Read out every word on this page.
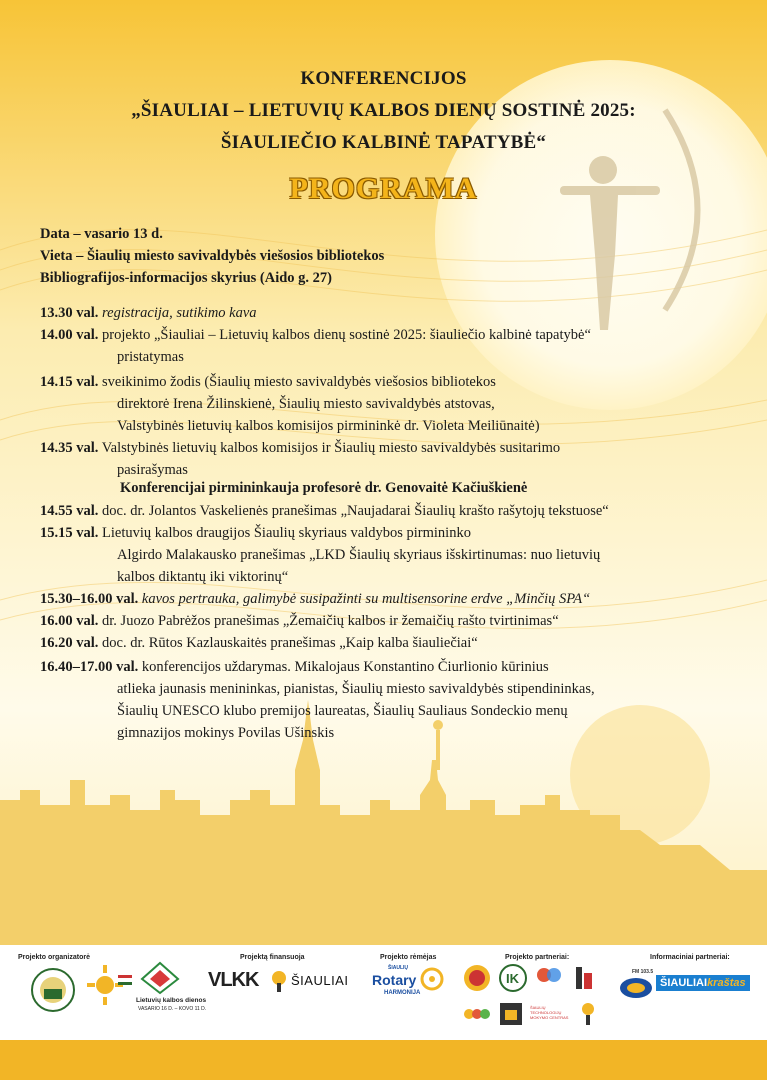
KONFERENCIJOS
„ŠIAULIAI – LIETUVIŲ KALBOS DIENŲ SOSTINĖ 2025:
ŠIAULIEČIO KALBINĖ TAPATYBĖ“
PROGRAMA
Data – vasario 13 d.
Vieta – Šiaulių miesto savivaldybės viešosios bibliotekos
Bibliografijos-informacijos skyrius (Aido g. 27)
13.30 val. registracija, sutikimo kava
14.00 val. projekto „Šiauliai – Lietuvių kalbos dienų sostinė 2025: šiauliečio kalbinė tapatybė“
pristatymas
14.15 val. sveikinimo žodis (Šiaulių miesto savivaldybės viešosios bibliotekos
direktorė Irena Žilinskienė, Šiaulių miesto savivaldybės atstovas,
Valstybinės lietuvių kalbos komisijos pirmininkė dr. Violeta Meiliūnaitė)
14.35 val. Valstybinės lietuvių kalbos komisijos ir Šiaulių miesto savivaldybės susitarimo
pasirašymas
14.55 val. doc. dr. Jolantos Vaskelienės pranešimas „Naujadarai Šiaulių krašto rašytojų tekstuose“
15.15 val. Lietuvių kalbos draugijos Šiaulių skyriaus valdybos pirmininko
Algirdo Malakausko pranešimas „LKD Šiaulių skyriaus išskirtinumas: nuo lietuvių
kalbos diktantų iki viktorinų“
15.30–16.00 val. kavos pertrauka, galimybė susipažinti su multisensorine erdve „Minčių SPA“
16.00 val. dr. Juozo Pabrėžos pranešimas „Žemaičių kalbos ir žemaičių rašto tvirtinimas“
16.20 val. doc. dr. Rūtos Kazlauskaitės pranešimas „Kaip kalba šiauliečiai“
16.40–17.00 val. konferencijos uždarymas. Mikalojaus Konstantino Čiurlionio kūrinius
atlieka jaunasis menininkas, pianistas, Šiaulių miesto savivaldybės stipendininkas,
Šiaulių UNESCO klubo premijos laureatas, Šiaulių Sauliaus Sondeckio menų
gimnazijos mokinys Povilas Ušinskis
Konferencijai pirmininkauja profesorė dr. Genovaitė Kačiuškienė
Projekto organizatorė	Projektą finansuoja	Projekto rėmėjas	Projekto partneriai:	Informaciniai partneriai:
Lietuvių kalbos dienos
VASARIO 16 D. – KOVO 11 D.
VLKK	ŠIAULIAI
ŠIAULIŲ
Rotary
HARMONIJA
IK
ŠIAULIŲ TECHNOLOGIJŲ MOKYMO CENTRAS
FM 103.5
ŠIAULIAIkraštas
